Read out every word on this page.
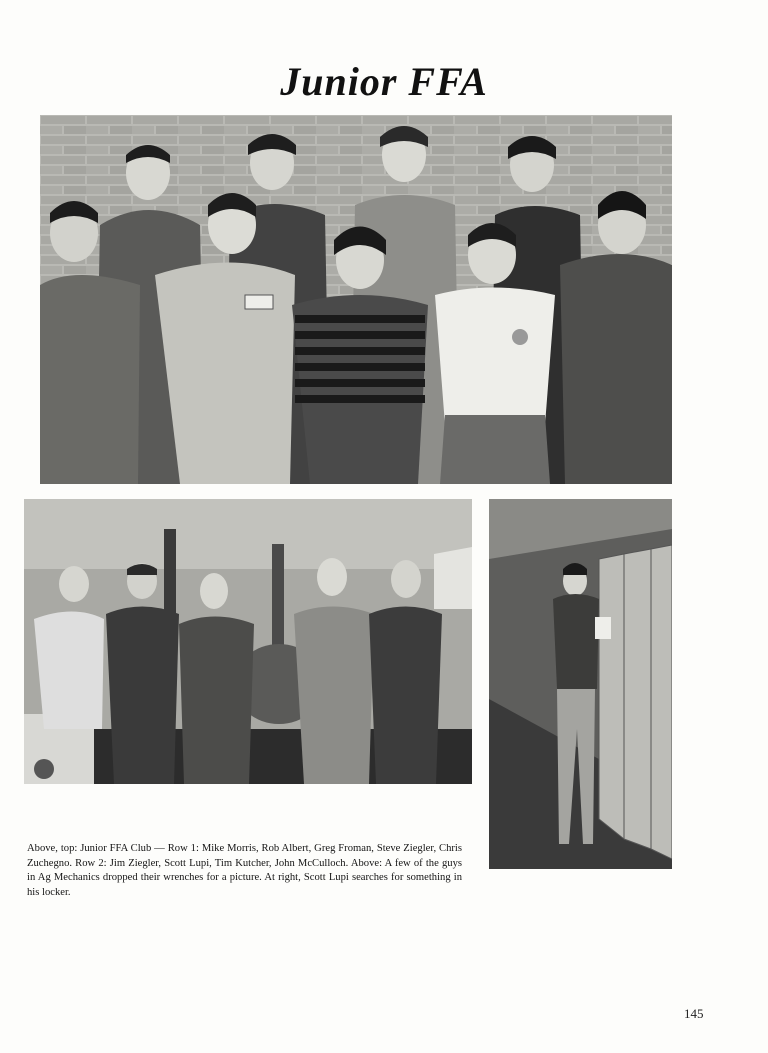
Junior FFA
Above, top: Junior FFA Club — Row 1: Mike Morris, Rob Albert, Greg Froman, Steve Ziegler, Chris Zuchegno. Row 2: Jim Ziegler, Scott Lupi, Tim Kutcher, John McCulloch. Above: A few of the guys in Ag Mechanics dropped their wrenches for a picture. At right, Scott Lupi searches for something in his locker.
145
